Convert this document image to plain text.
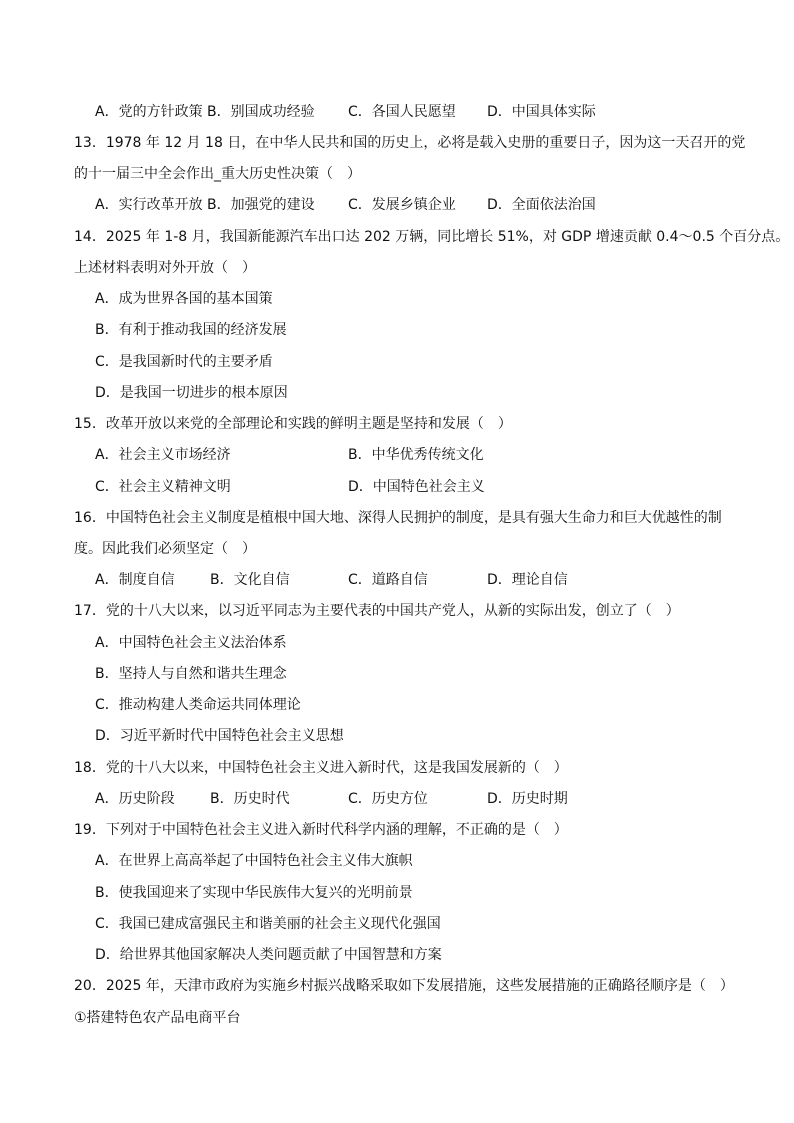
A．党的方针政策 B．别国成功经验 C．各国人民愿望 D．中国具体实际
13．1978 年 12 月 18 日，在中华人民共和国的历史上，必将是载入史册的重要日子，因为这一天召开的党
的十一届三中全会作出_重大历史性决策（　）
A．实行改革开放 B．加强党的建设 C．发展乡镇企业 D．全面依法治国
14．2025 年 1-8 月，我国新能源汽车出口达 202 万辆，同比增长 51%，对 GDP 增速贡献 0.4～0.5 个百分点。
上述材料表明对外开放（　）
A．成为世界各国的基本国策
B．有利于推动我国的经济发展
C．是我国新时代的主要矛盾
D．是我国一切进步的根本原因
15．改革开放以来党的全部理论和实践的鲜明主题是坚持和发展（　）
A．社会主义市场经济	B．中华优秀传统文化
C．社会主义精神文明	D．中国特色社会主义
16．中国特色社会主义制度是植根中国大地、深得人民拥护的制度，是具有强大生命力和巨大优越性的制
度。因此我们必须坚定（　）
A．制度自信	B．文化自信	C．道路自信	D．理论自信
17．党的十八大以来，以习近平同志为主要代表的中国共产党人，从新的实际出发，创立了（　）
A．中国特色社会主义法治体系
B．坚持人与自然和谐共生理念
C．推动构建人类命运共同体理论
D．习近平新时代中国特色社会主义思想
18．党的十八大以来，中国特色社会主义进入新时代，这是我国发展新的（　）
A．历史阶段	B．历史时代	C．历史方位	D．历史时期
19．下列对于中国特色社会主义进入新时代科学内涵的理解，不正确的是（　）
A．在世界上高高举起了中国特色社会主义伟大旗帜
B．使我国迎来了实现中华民族伟大复兴的光明前景
C．我国已建成富强民主和谐美丽的社会主义现代化强国
D．给世界其他国家解决人类问题贡献了中国智慧和方案
20．2025 年，天津市政府为实施乡村振兴战略采取如下发展措施，这些发展措施的正确路径顺序是（　）
①搭建特色农产品电商平台
